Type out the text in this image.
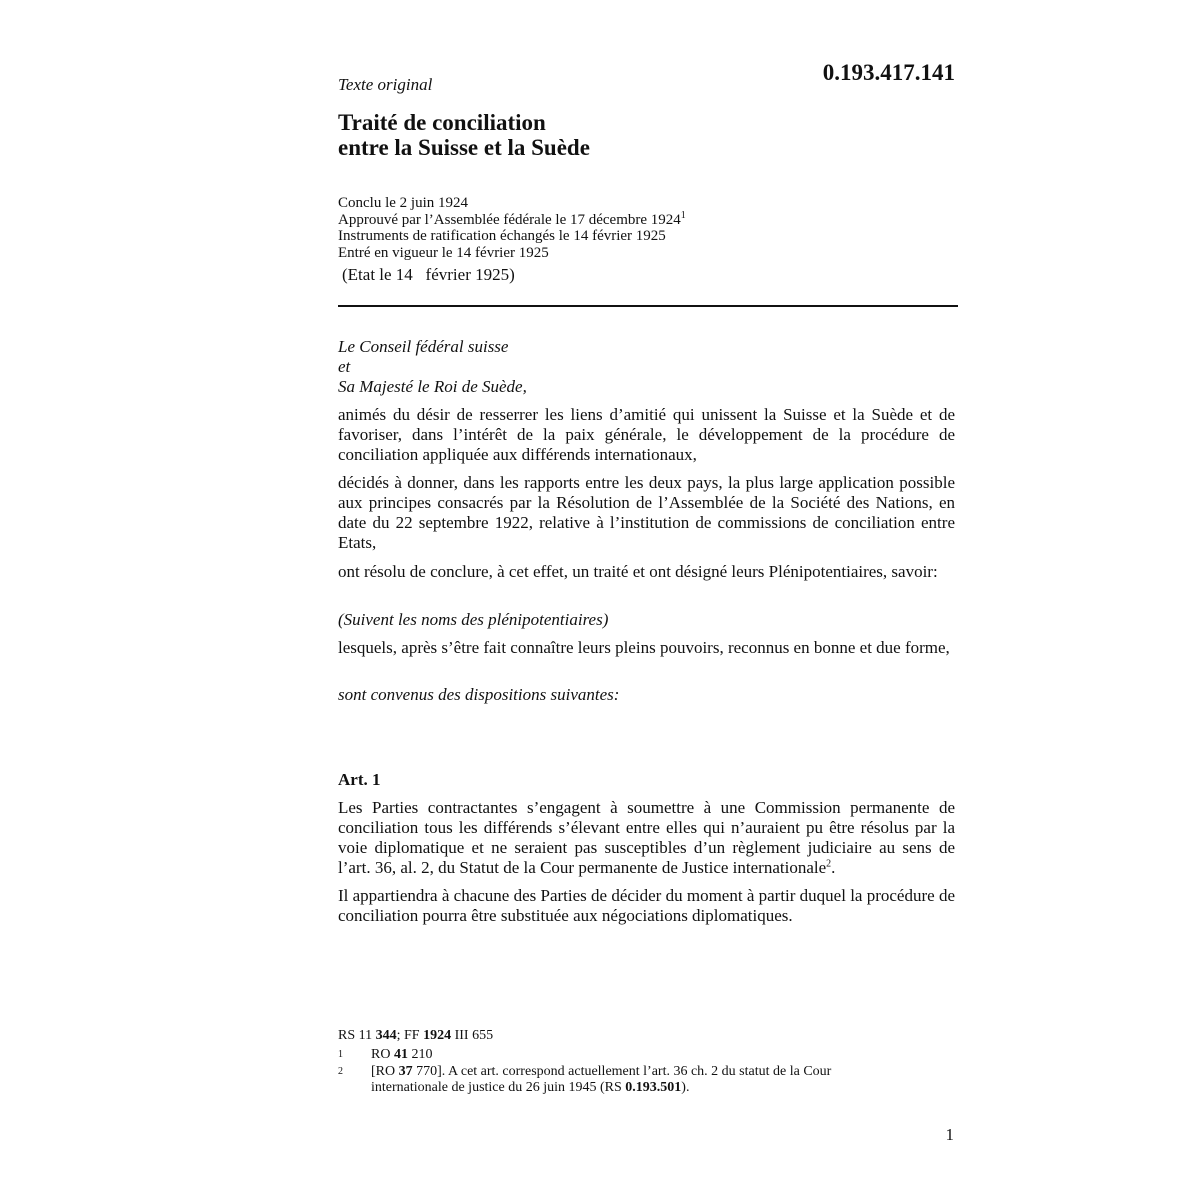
Texte original	0.193.417.141
Traité de conciliation
entre la Suisse et la Suède
Conclu le 2 juin 1924
Approuvé par l’Assemblée fédérale le 17 décembre 1924$^1$
Instruments de ratification échangés le 14 février 1925
Entré en vigueur le 14 février 1925
(Etat le 14   février 1925)
Le Conseil fédéral suisse
et
Sa Majesté le Roi de Suède,
animés du désir de resserrer les liens d’amitié qui unissent la Suisse et la Suède et de favoriser, dans l’intérêt de la paix générale, le développement de la procédure de conciliation appliquée aux différends internationaux,
décidés à donner, dans les rapports entre les deux pays, la plus large application possible aux principes consacrés par la Résolution de l’Assemblée de la Société des Nations, en date du 22 septembre 1922, relative à l’institution de commissions de conciliation entre Etats,
ont résolu de conclure, à cet effet, un traité et ont désigné leurs Plénipotentiaires, savoir:
(Suivent les noms des plénipotentiaires)
lesquels, après s’être fait connaître leurs pleins pouvoirs, reconnus en bonne et due forme,
sont convenus des dispositions suivantes:
Art. 1
Les Parties contractantes s’engagent à soumettre à une Commission permanente de conciliation tous les différends s’élevant entre elles qui n’auraient pu être résolus par la voie diplomatique et ne seraient pas susceptibles d’un règlement judiciaire au sens de l’art. 36, al. 2, du Statut de la Cour permanente de Justice internationale$^2$.
Il appartiendra à chacune des Parties de décider du moment à partir duquel la procédure de conciliation pourra être substituée aux négociations diplomatiques.
RS 11 344; FF 1924 III 655
1 RO 41 210
2 [RO 37 770]. A cet art. correspond actuellement l’art. 36 ch. 2 du statut de la Cour internationale de justice du 26 juin 1945 (RS 0.193.501).
1
